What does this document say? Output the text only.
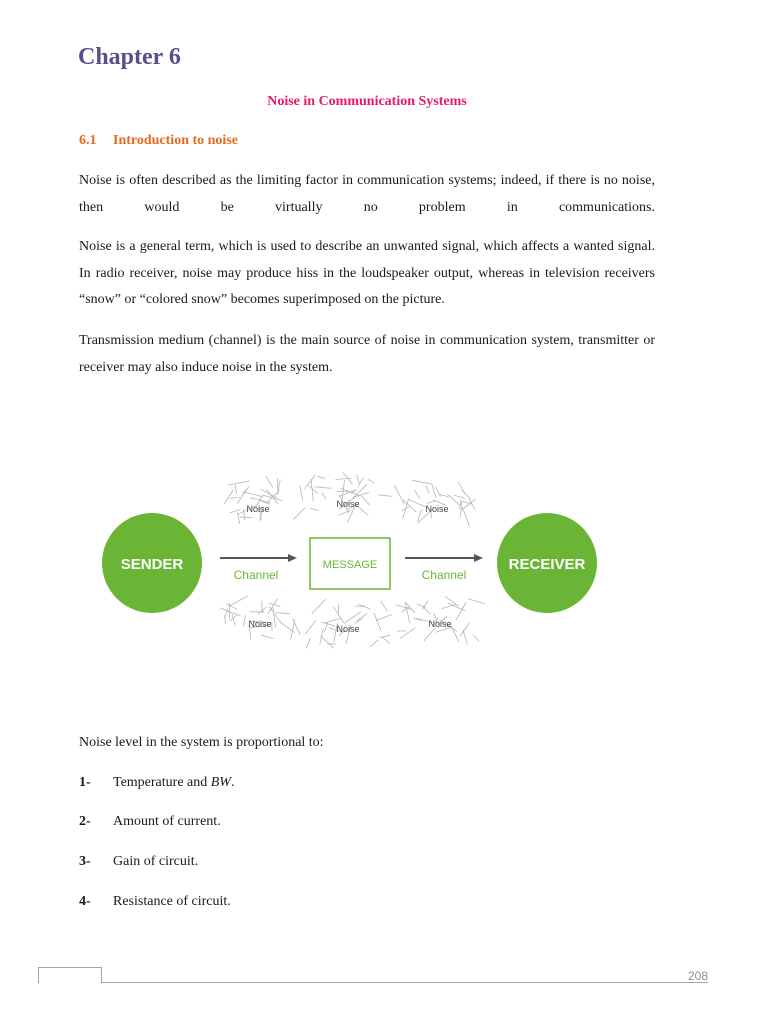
Chapter 6
Noise in Communication Systems
6.1 Introduction to noise

Noise is often described as the limiting factor in communication systems; indeed, if there is no noise, then would be virtually no problem in communications.

Noise is a general term, which is used to describe an unwanted signal, which affects a wanted signal. In radio receiver, noise may produce hiss in the loudspeaker output, whereas in television receivers “snow” or “colored snow” becomes superimposed on the picture.

Transmission medium (channel) is the main source of noise in communication system, transmitter or receiver may also induce noise in the system.

SENDER	RECEIVER
MESSAGE
Channel	Channel
Noise	Noise	Noise
Noise	Noise	Noise
Noise level in the system is proportional to:
1- Temperature and BW.
2- Amount of current.
3- Gain of circuit.
4- Resistance of circuit.
208
